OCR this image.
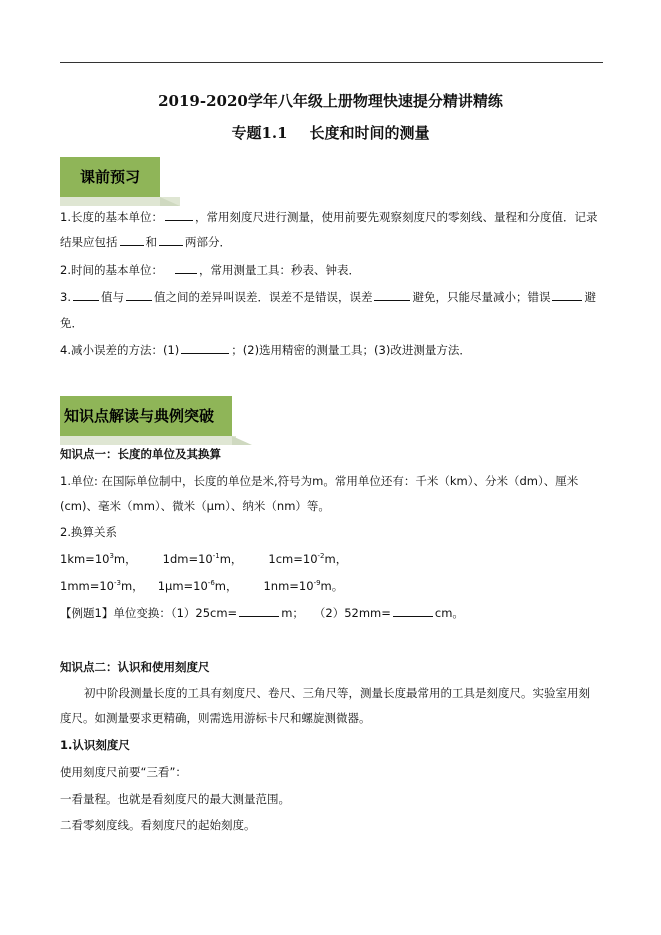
2019-2020学年八年级上册物理快速提分精讲精练
专题1.1 长度和时间的测量
课前预习
1.长度的基本单位：	，常用刻度尺进行测量，使用前要先观察刻度尺的零刻线、量程和分度值．记录
结果应包括 和 两部分．
2.时间的基本单位：	，常用测量工具：秒表、钟表．
3.	值与	值之间的差异叫误差．误差不是错误，误差	避免，只能尽量减小；错误	避
免．
4.减小误差的方法：(1)	；(2)选用精密的测量工具；(3)改进测量方法．
知识点解读与典例突破
知识点一：长度的单位及其换算
1.单位: 在国际单位制中，长度的单位是米,符号为m。常用单位还有：千米（km）、分米（dm）、厘米
(cm)、毫米（mm）、微米（μm）、纳米（nm）等。
2.换算关系
$1km=10^3m$， $1dm=10^{-1}m$， $1cm=10^{-2}m$，
$1mm=10^{-3}m$， $1\mu m=10^{-6}m$， $1nm=10^{-9}m$。
【例题1】单位变换：（1）25cm=	m； （2）52mm=	cm。
知识点二：认识和使用刻度尺
初中阶段测量长度的工具有刻度尺、卷尺、三角尺等，测量长度最常用的工具是刻度尺。实验室用刻
度尺。如测量要求更精确，则需选用游标卡尺和螺旋测微器。
1.认识刻度尺
使用刻度尺前要“三看”：
一看量程。也就是看刻度尺的最大测量范围。
二看零刻度线。看刻度尺的起始刻度。
